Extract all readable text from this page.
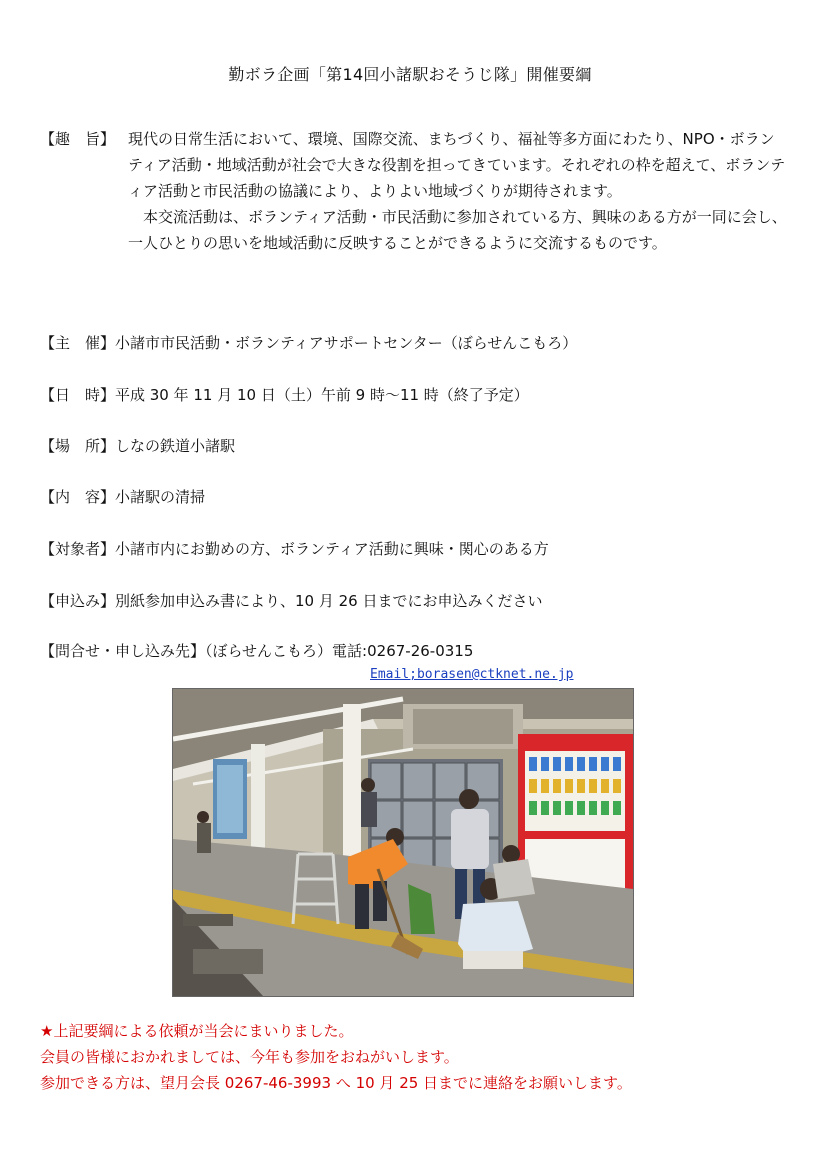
勤ボラ企画「第14回小諸駅おそうじ隊」開催要綱
【趣　旨】 現代の日常生活において、環境、国際交流、まちづくり、福祉等多方面にわたり、NPO・ボランティア活動・地域活動が社会で大きな役割を担ってきています。それぞれの枠を超えて、ボランティア活動と市民活動の協議により、よりよい地域づくりが期待されます。

本交流活動は、ボランティア活動・市民活動に参加されている方、興味のある方が一同に会し、一人ひとりの思いを地域活動に反映することができるように交流するものです。

【主　催】小諸市市民活動・ボランティアサポートセンター（ぼらせんこもろ）
【日　時】平成 30 年 11 月 10 日（土）午前 9 時～11 時（終了予定）
【場　所】しなの鉄道小諸駅
【内　容】小諸駅の清掃
【対象者】小諸市内にお勤めの方、ボランティア活動に興味・関心のある方
【申込み】別紙参加申込み書により、10 月 26 日までにお申込みください
【問合せ・申し込み先】（ぼらせんこもろ）電話:0267-26-0315
Email;borasen@ctknet.ne.jp
★上記要綱による依頼が当会にまいりました。
会員の皆様におかれましては、今年も参加をおねがいします。
参加できる方は、望月会長 0267-46-3993 へ 10 月 25 日までに連絡をお願いします。
